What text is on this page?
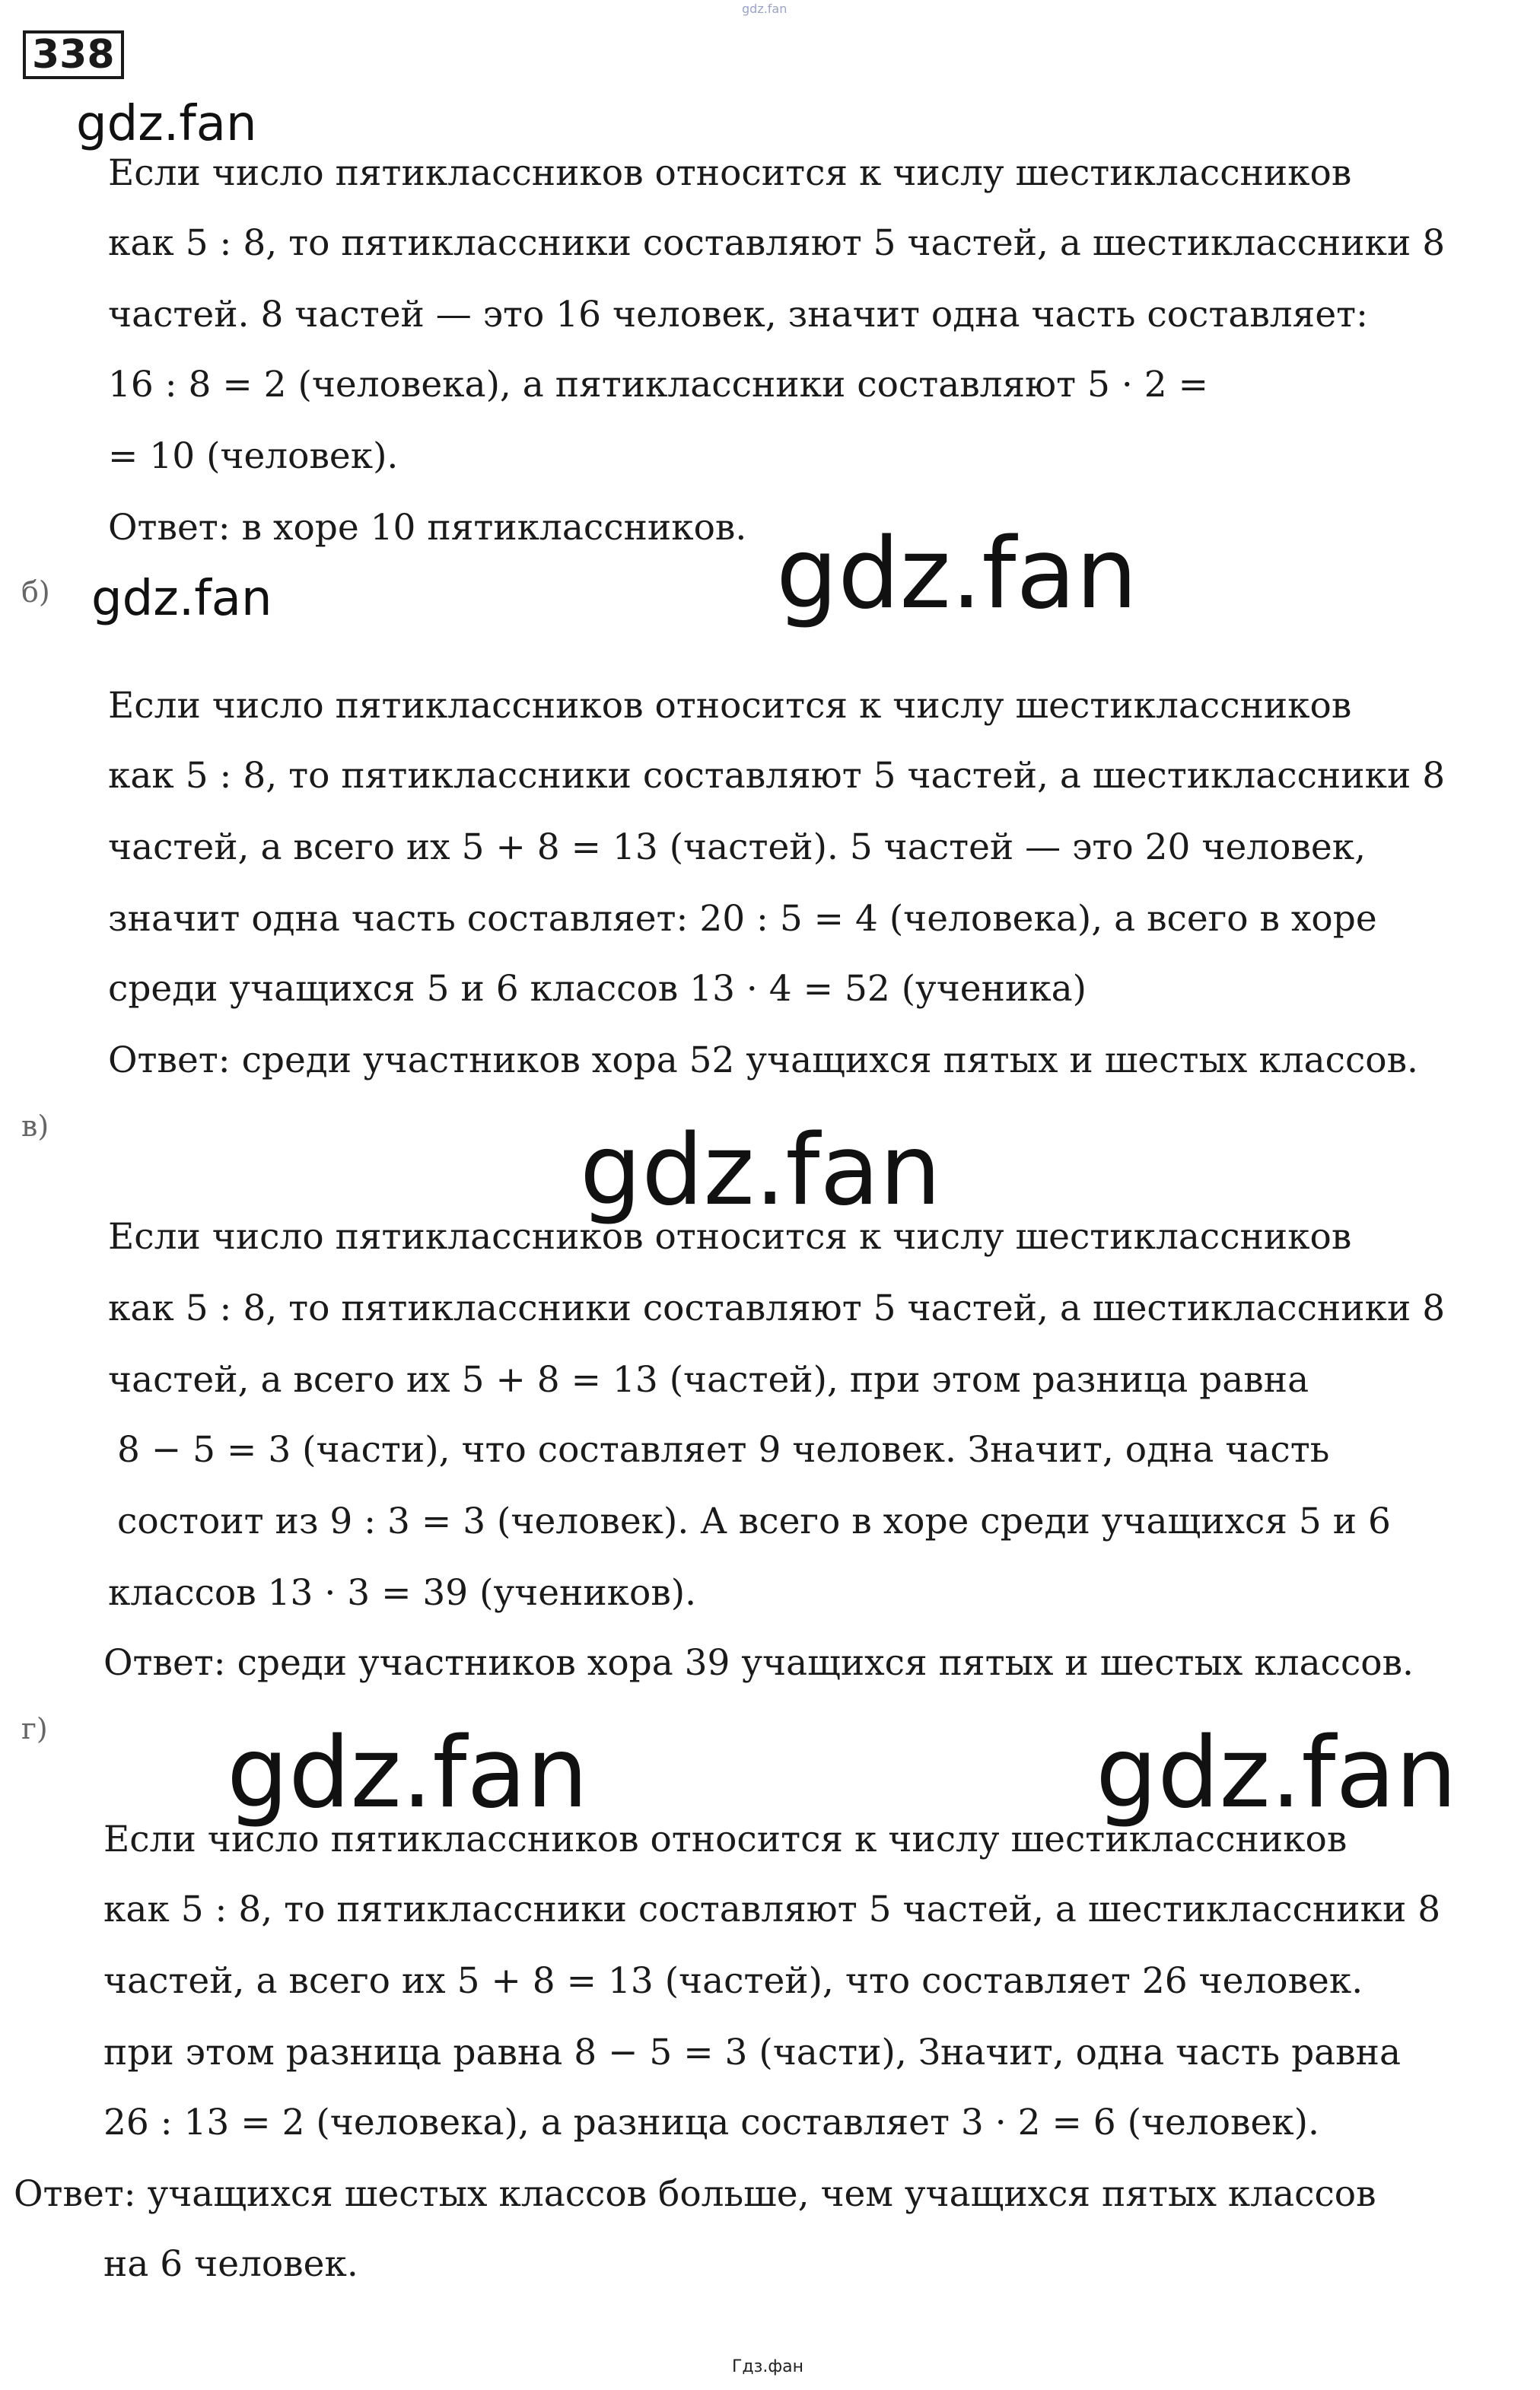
338
gdz.fan
gdz.fan
Если число пятиклассников относится к числу шестиклассников
как 5 : 8, то пятиклассники составляют 5 частей, а шестиклассники 8
частей. 8 частей — это 16 человек, значит одна часть составляет:
16 : 8 = 2 (человека), а пятиклассники составляют 5 · 2 =
= 10 (человек).
Ответ: в хоре 10 пятиклассников.
б) gdz.fan	gdz.fan
Если число пятиклассников относится к числу шестиклассников
как 5 : 8, то пятиклассники составляют 5 частей, а шестиклассники 8
частей, а всего их 5 + 8 = 13 (частей). 5 частей — это 20 человек,
значит одна часть составляет: 20 : 5 = 4 (человека), а всего в хоре
среди учащихся 5 и 6 классов 13 · 4 = 52 (ученика)
Ответ: среди участников хора 52 учащихся пятых и шестых классов.
в)	gdz.fan
Если число пятиклассников относится к числу шестиклассников
как 5 : 8, то пятиклассники составляют 5 частей, а шестиклассники 8
частей, а всего их 5 + 8 = 13 (частей), при этом разница равна
8 − 5 = 3 (части), что составляет 9 человек. Значит, одна часть
состоит из 9 : 3 = 3 (человек). А всего в хоре среди учащихся 5 и 6
классов 13 · 3 = 39 (учеников).
Ответ: среди участников хора 39 учащихся пятых и шестых классов.
г) gdz.fan	gdz.fan
Если число пятиклассников относится к числу шестиклассников
как 5 : 8, то пятиклассники составляют 5 частей, а шестиклассники 8
частей, а всего их 5 + 8 = 13 (частей), что составляет 26 человек.
при этом разница равна 8 − 5 = 3 (части), Значит, одна часть равна
26 : 13 = 2 (человека), а разница составляет 3 · 2 = 6 (человек).
Ответ: учащихся шестых классов больше, чем учащихся пятых классов
на 6 человек.
Гдз.фан
